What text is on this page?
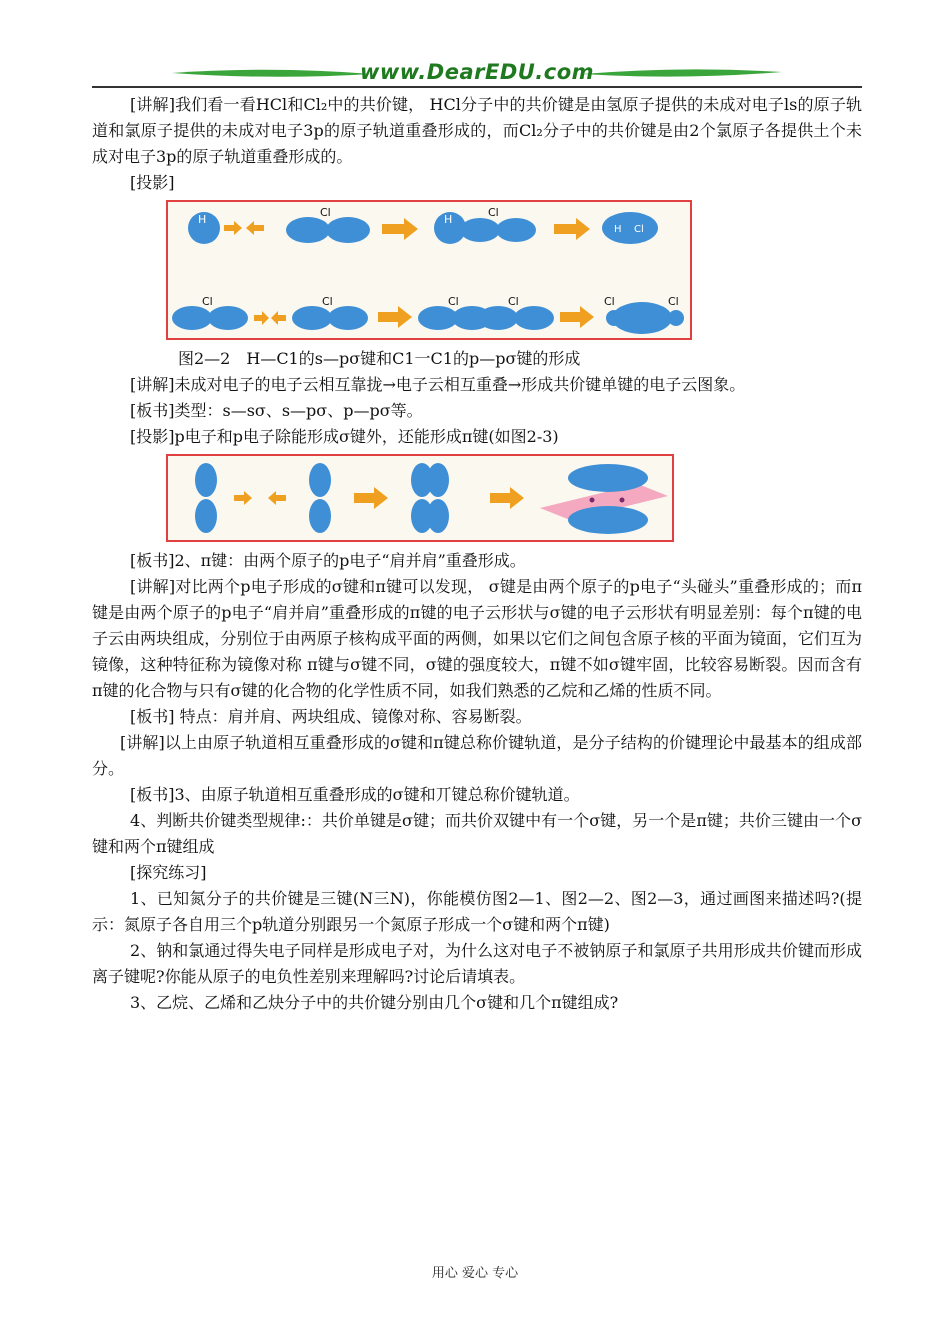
www.DearEDU.com

[讲解]我们看一看HCl和Cl₂中的共价键， HCl分子中的共价键是由氢原子提供的未成对电子ls的原子轨道和氯原子提供的未成对电子3p的原子轨道重叠形成的，而Cl₂分子中的共价键是由2个氯原子各提供土个未成对电子3p的原子轨道重叠形成的。

[投影]

H
Cl
H
Cl
H Cl
Cl	Cl	Cl	Cl	Cl	Cl

图2—2　H—C1的s—pσ键和C1一C1的p—pσ键的形成

[讲解]未成对电子的电子云相互靠拢→电子云相互重叠→形成共价键单键的电子云图象。

[板书]类型：s—sσ、s—pσ、p—pσ等。

[投影]p电子和p电子除能形成σ键外，还能形成π键(如图2-3)

[板书]2、π键：由两个原子的p电子“肩并肩”重叠形成。

[讲解]对比两个p电子形成的σ键和π键可以发现， σ键是由两个原子的p电子“头碰头”重叠形成的；而π键是由两个原子的p电子“肩并肩”重叠形成的π键的电子云形状与σ键的电子云形状有明显差别：每个π键的电子云由两块组成，分别位于由两原子核构成平面的两侧，如果以它们之间包含原子核的平面为镜面，它们互为镜像，这种特征称为镜像对称 π键与σ键不同，σ键的强度较大，π键不如σ键牢固，比较容易断裂。因而含有π键的化合物与只有σ键的化合物的化学性质不同，如我们熟悉的乙烷和乙烯的性质不同。

[板书] 特点：肩并肩、两块组成、镜像对称、容易断裂。

[讲解]以上由原子轨道相互重叠形成的σ键和π键总称价键轨道，是分子结构的价键理论中最基本的组成部分。

[板书]3、由原子轨道相互重叠形成的σ键和丌键总称价键轨道。

4、判断共价键类型规律:：共价单键是σ键；而共价双键中有一个σ键，另一个是π键；共价三键由一个σ键和两个π键组成

[探究练习]

1、已知氮分子的共价键是三键(N三N)，你能模仿图2—1、图2—2、图2—3，通过画图来描述吗?(提示：氮原子各自用三个p轨道分别跟另一个氮原子形成一个σ键和两个π键)

2、钠和氯通过得失电子同样是形成电子对，为什么这对电子不被钠原子和氯原子共用形成共价键而形成离子键呢?你能从原子的电负性差别来理解吗?讨论后请填表。

3、乙烷、乙烯和乙炔分子中的共价键分别由几个σ键和几个π键组成?

用心 爱心 专心
